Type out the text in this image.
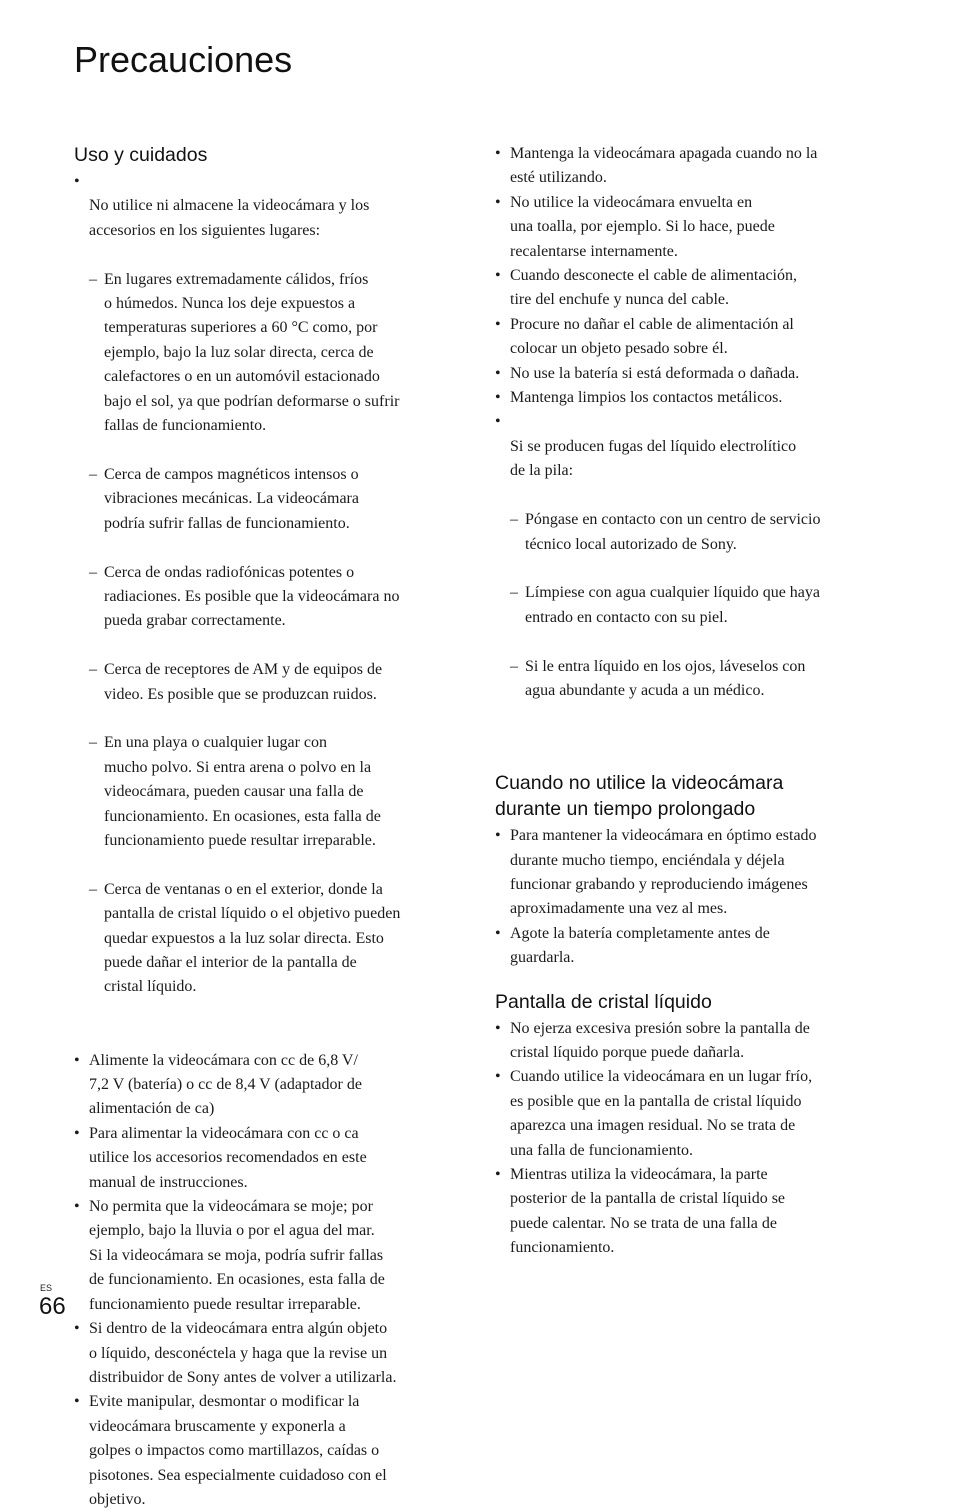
Precauciones
Uso y cuidados

• No utilice ni almacene la videocámara y los
accesorios en los siguientes lugares:

– En lugares extremadamente cálidos, fríos
o húmedos. Nunca los deje expuestos a
temperaturas superiores a 60 °C como, por
ejemplo, bajo la luz solar directa, cerca de
calefactores o en un automóvil estacionado
bajo el sol, ya que podrían deformarse o sufrir
fallas de funcionamiento.

– Cerca de campos magnéticos intensos o
vibraciones mecánicas. La videocámara
podría sufrir fallas de funcionamiento.

– Cerca de ondas radiofónicas potentes o
radiaciones. Es posible que la videocámara no
pueda grabar correctamente.

– Cerca de receptores de AM y de equipos de
video. Es posible que se produzcan ruidos.

– En una playa o cualquier lugar con
mucho polvo. Si entra arena o polvo en la
videocámara, pueden causar una falla de
funcionamiento. En ocasiones, esta falla de
funcionamiento puede resultar irreparable.

– Cerca de ventanas o en el exterior, donde la
pantalla de cristal líquido o el objetivo pueden
quedar expuestos a la luz solar directa. Esto
puede dañar el interior de la pantalla de
cristal líquido.

• Alimente la videocámara con cc de 6,8 V/
7,2 V (batería) o cc de 8,4 V (adaptador de
alimentación de ca)
• Para alimentar la videocámara con cc o ca
utilice los accesorios recomendados en este
manual de instrucciones.
• No permita que la videocámara se moje; por
ejemplo, bajo la lluvia o por el agua del mar.
Si la videocámara se moja, podría sufrir fallas
de funcionamiento. En ocasiones, esta falla de
funcionamiento puede resultar irreparable.
• Si dentro de la videocámara entra algún objeto
o líquido, desconéctela y haga que la revise un
distribuidor de Sony antes de volver a utilizarla.
• Evite manipular, desmontar o modificar la
videocámara bruscamente y exponerla a
golpes o impactos como martillazos, caídas o
pisotones. Sea especialmente cuidadoso con el
objetivo.
• Mantenga la videocámara apagada cuando no la
esté utilizando.
• No utilice la videocámara envuelta en
una toalla, por ejemplo. Si lo hace, puede
recalentarse internamente.
• Cuando desconecte el cable de alimentación,
tire del enchufe y nunca del cable.
• Procure no dañar el cable de alimentación al
colocar un objeto pesado sobre él.
• No use la batería si está deformada o dañada.
• Mantenga limpios los contactos metálicos.

• Si se producen fugas del líquido electrolítico
de la pila:

– Póngase en contacto con un centro de servicio
técnico local autorizado de Sony.

– Límpiese con agua cualquier líquido que haya
entrado en contacto con su piel.

– Si le entra líquido en los ojos, láveselos con
agua abundante y acuda a un médico.

Cuando no utilice la videocámara
durante un tiempo prolongado
• Para mantener la videocámara en óptimo estado
durante mucho tiempo, enciéndala y déjela
funcionar grabando y reproduciendo imágenes
aproximadamente una vez al mes.
• Agote la batería completamente antes de
guardarla.
Pantalla de cristal líquido
• No ejerza excesiva presión sobre la pantalla de
cristal líquido porque puede dañarla.
• Cuando utilice la videocámara en un lugar frío,
es posible que en la pantalla de cristal líquido
aparezca una imagen residual. No se trata de
una falla de funcionamiento.
• Mientras utiliza la videocámara, la parte
posterior de la pantalla de cristal líquido se
puede calentar. No se trata de una falla de
funcionamiento.
ES
66
